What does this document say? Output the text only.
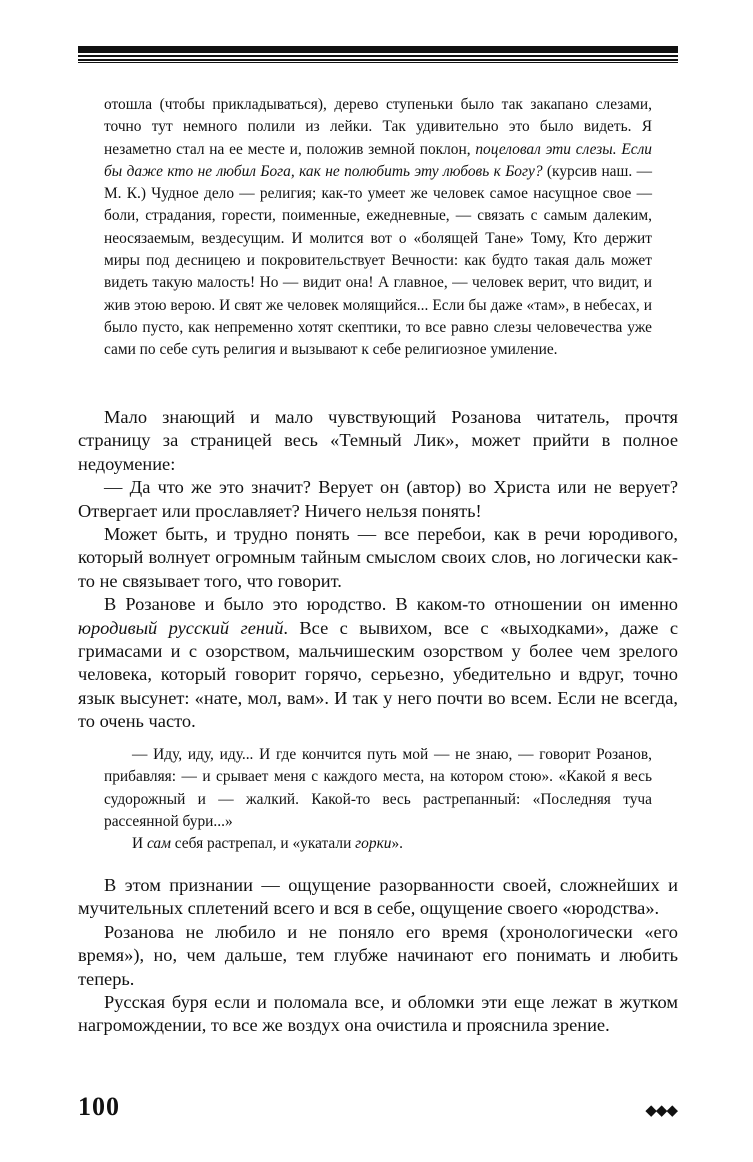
отошла (чтобы прикладываться), дерево ступеньки было так закапано слезами, точно тут немного полили из лейки. Так удивительно это было видеть. Я незаметно стал на ее месте и, положив земной поклон, поцеловал эти слезы. Если бы даже кто не любил Бога, как не полюбить эту любовь к Богу? (курсив наш. — М. К.) Чудное дело — религия; как-то умеет же человек самое насущное свое — боли, страдания, горести, поименные, ежедневные, — связать с самым далеким, неосязаемым, вездесущим. И молится вот о «болящей Тане» Тому, Кто держит миры под десницею и покровительствует Вечности: как будто такая даль может видеть такую малость! Но — видит она! А главное, — человек верит, что видит, и жив этою верою. И свят же человек молящийся... Если бы даже «там», в небесах, и было пусто, как непременно хотят скептики, то все равно слезы человечества уже сами по себе суть религия и вызывают к себе религиозное умиление.

Мало знающий и мало чувствующий Розанова читатель, прочтя страницу за страницей весь «Темный Лик», может прийти в полное недоумение:

— Да что же это значит? Верует он (автор) во Христа или не верует? Отвергает или прославляет? Ничего нельзя понять!

Может быть, и трудно понять — все перебои, как в речи юродивого, который волнует огромным тайным смыслом своих слов, но логически как-то не связывает того, что говорит.

В Розанове и было это юродство. В каком-то отношении он именно юродивый русский гений. Все с вывихом, все с «выходками», даже с гримасами и с озорством, мальчишеским озорством у более чем зрелого человека, который говорит горячо, серьезно, убедительно и вдруг, точно язык высунет: «нате, мол, вам». И так у него почти во всем. Если не всегда, то очень часто.

— Иду, иду, иду... И где кончится путь мой — не знаю, — говорит Розанов, прибавляя: — и срывает меня с каждого места, на котором стою». «Какой я весь судорожный и — жалкий. Какой-то весь растрепанный: «Последняя туча рассеянной бури...»

И сам себя растрепал, и «укатали горки».

В этом признании — ощущение разорванности своей, сложнейших и мучительных сплетений всего и вся в себе, ощущение своего «юродства».

Розанова не любило и не поняло его время (хронологически «его время»), но, чем дальше, тем глубже начинают его понимать и любить теперь.

Русская буря если и поломала все, и обломки эти еще лежат в жутком нагромождении, то все же воздух она очистила и прояснила зрение.

100	◆◆◆
